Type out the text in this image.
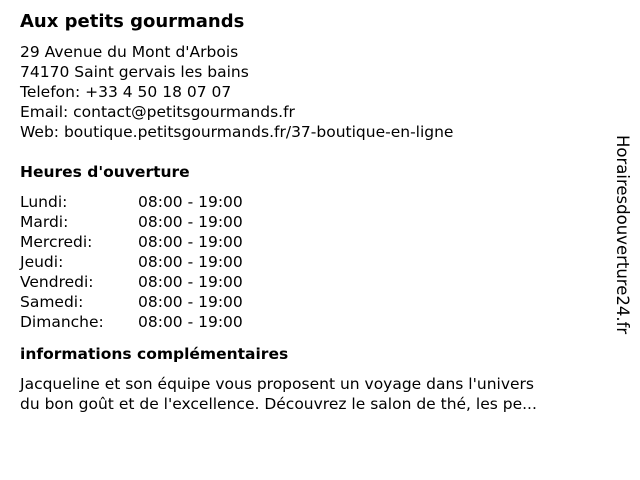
Aux petits gourmands
29 Avenue du Mont d'Arbois
74170 Saint gervais les bains
Telefon: +33 4 50 18 07 07
Email: contact@petitsgourmands.fr
Web: boutique.petitsgourmands.fr/37-boutique-en-ligne
Heures d'ouverture
Lundi:	08:00 - 19:00
Mardi:	08:00 - 19:00
Mercredi:	08:00 - 19:00
Jeudi:	08:00 - 19:00
Vendredi:	08:00 - 19:00
Samedi:	08:00 - 19:00
Dimanche: 08:00 - 19:00
informations complémentaires
Jacqueline et son équipe vous proposent un voyage dans l'univers
du bon goût et de l'excellence. Découvrez le salon de thé, les pe...
Horairesdouverture24.fr
